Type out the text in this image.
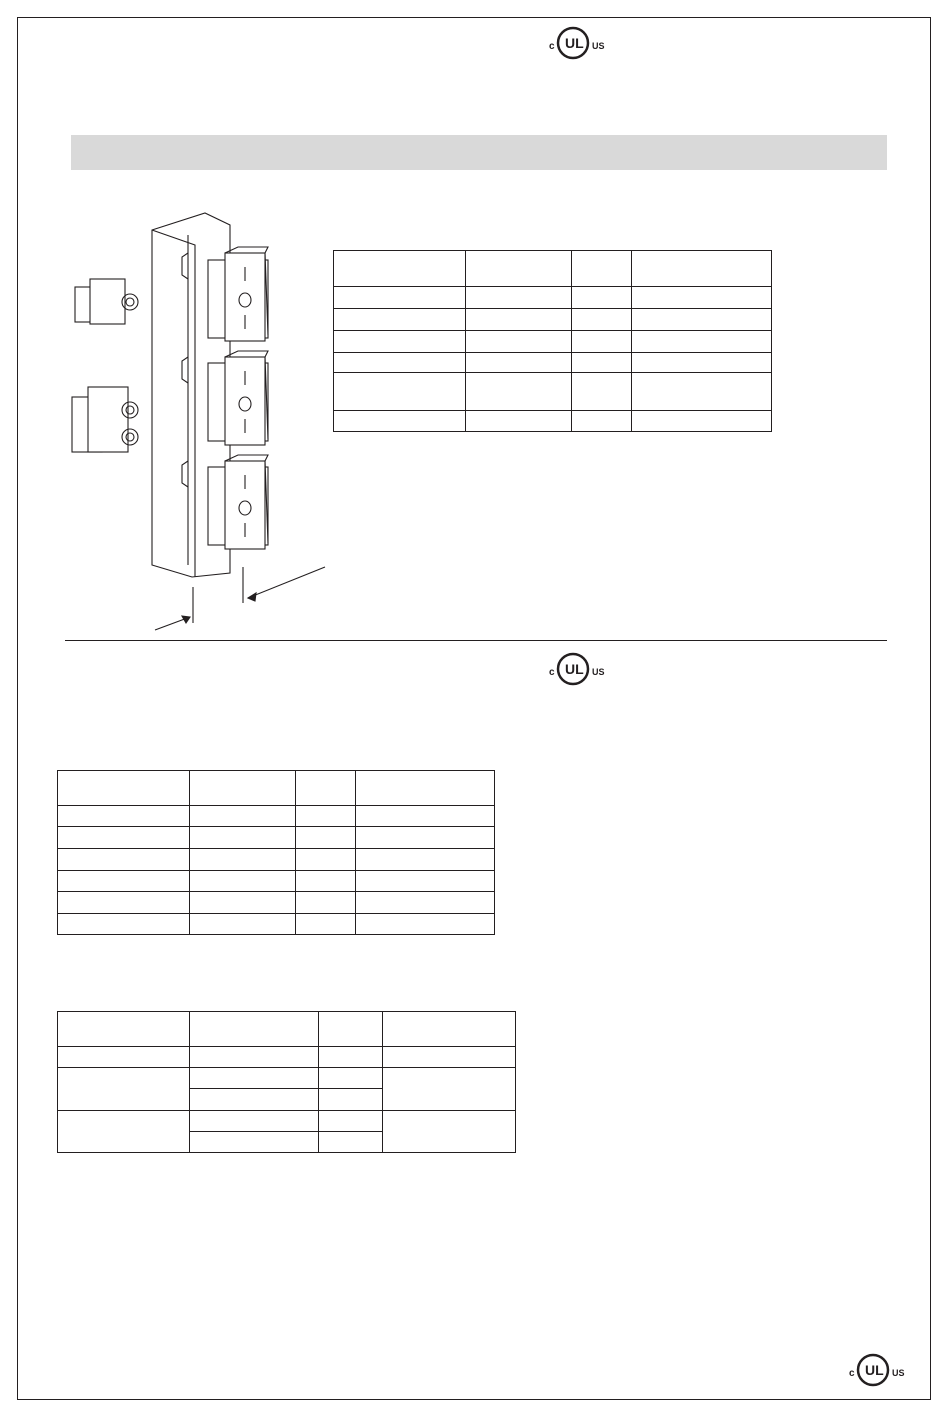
c UL US

c UL US

c UL US
